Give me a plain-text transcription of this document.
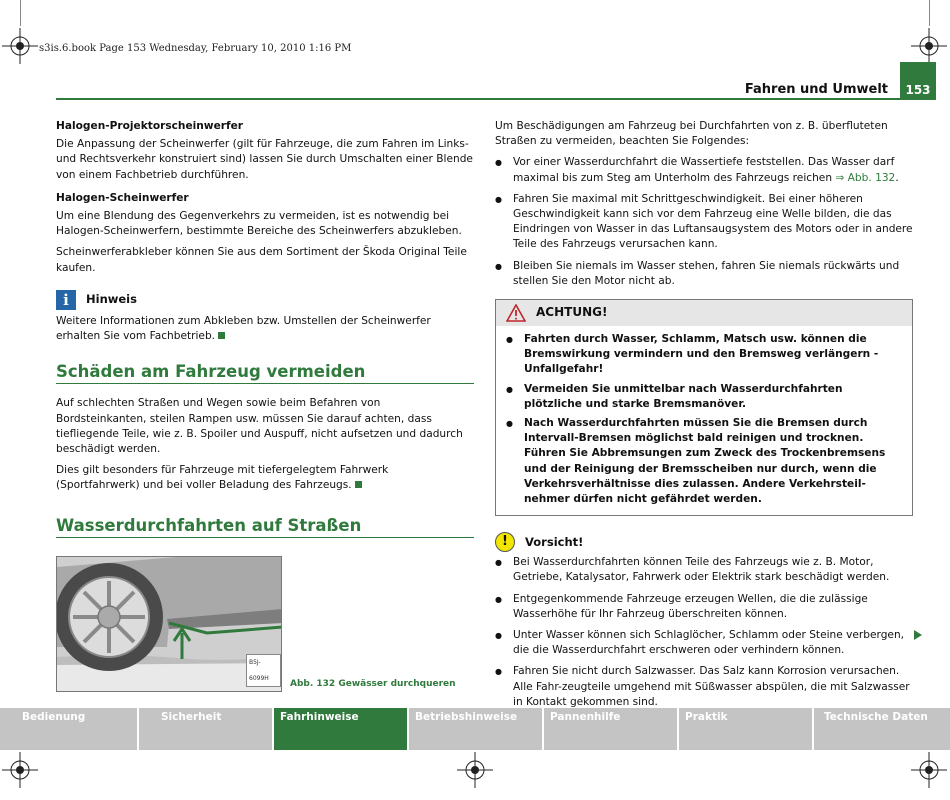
s3is.6.book Page 153 Wednesday, February 10, 2010 1:16 PM
Fahren und Umwelt	153
Halogen-Projektorscheinwerfer

Die Anpassung der Scheinwerfer (gilt für Fahrzeuge, die zum Fahren im Links- und Rechtsverkehr konstruiert sind) lassen Sie durch Umschalten einer Blende von einem Fachbetrieb durchführen.

Halogen-Scheinwerfer

Um eine Blendung des Gegenverkehrs zu vermeiden, ist es notwendig bei Halogen-Scheinwerfern, bestimmte Bereiche des Scheinwerfers abzukleben.

Scheinwerferabkleber können Sie aus dem Sortiment der Škoda Original Teile kaufen.

i	Hinweis

Weitere Informationen zum Abkleben bzw. Umstellen der Scheinwerfer erhalten Sie vom Fachbetrieb.

Schäden am Fahrzeug vermeiden

Auf schlechten Straßen und Wegen sowie beim Befahren von Bordsteinkanten, steilen Rampen usw. müssen Sie darauf achten, dass tiefliegende Teile, wie z. B. Spoiler und Auspuff, nicht aufsetzen und dadurch beschädigt werden.

Dies gilt besonders für Fahrzeuge mit tiefergelegtem Fahrwerk (Sportfahrwerk) und bei voller Beladung des Fahrzeugs.

Wasserdurchfahrten auf Straßen
B5J-6099H
Abb. 132 Gewässer durchqueren

Um Beschädigungen am Fahrzeug bei Durchfahrten von z. B. überfluteten Straßen zu vermeiden, beachten Sie Folgendes:

● Vor einer Wasserdurchfahrt die Wassertiefe feststellen. Das Wasser darf maximal bis zum Steg am Unterholm des Fahrzeugs reichen ⇒ Abb. 132.
● Fahren Sie maximal mit Schrittgeschwindigkeit. Bei einer höheren Geschwindigkeit kann sich vor dem Fahrzeug eine Welle bilden, die das Eindringen von Wasser in das Luftansaugsystem des Motors oder in andere Teile des Fahrzeugs verursachen kann.
● Bleiben Sie niemals im Wasser stehen, fahren Sie niemals rückwärts und stellen Sie den Motor nicht ab.
ACHTUNG!
● Fahrten durch Wasser, Schlamm, Matsch usw. können die Bremswirkung vermindern und den Bremsweg verlängern - Unfallgefahr!
● Vermeiden Sie unmittelbar nach Wasserdurchfahrten plötzliche und starke Bremsmanöver.
● Nach Wasserdurchfahrten müssen Sie die Bremsen durch Intervall-Bremsen möglichst bald reinigen und trocknen. Führen Sie Abbremsungen zum Zweck des Trockenbremsens und der Reinigung der Bremsscheiben nur durch, wenn die Verkehrsverhältnisse dies zulassen. Andere Verkehrsteil-nehmer dürfen nicht gefährdet werden.
!	Vorsicht!
● Bei Wasserdurchfahrten können Teile des Fahrzeugs wie z. B. Motor, Getriebe, Katalysator, Fahrwerk oder Elektrik stark beschädigt werden.
● Entgegenkommende Fahrzeuge erzeugen Wellen, die die zulässige Wasserhöhe für Ihr Fahrzeug überschreiten können.
● Unter Wasser können sich Schlaglöcher, Schlamm oder Steine verbergen, die die Wasserdurchfahrt erschweren oder verhindern können.
● Fahren Sie nicht durch Salzwasser. Das Salz kann Korrosion verursachen. Alle Fahr-zeugteile umgehend mit Süßwasser abspülen, die mit Salzwasser in Kontakt gekommen sind.
Bedienung	Sicherheit	Fahrhinweise	Betriebshinweise	Pannenhilfe	Praktik	Technische Daten
